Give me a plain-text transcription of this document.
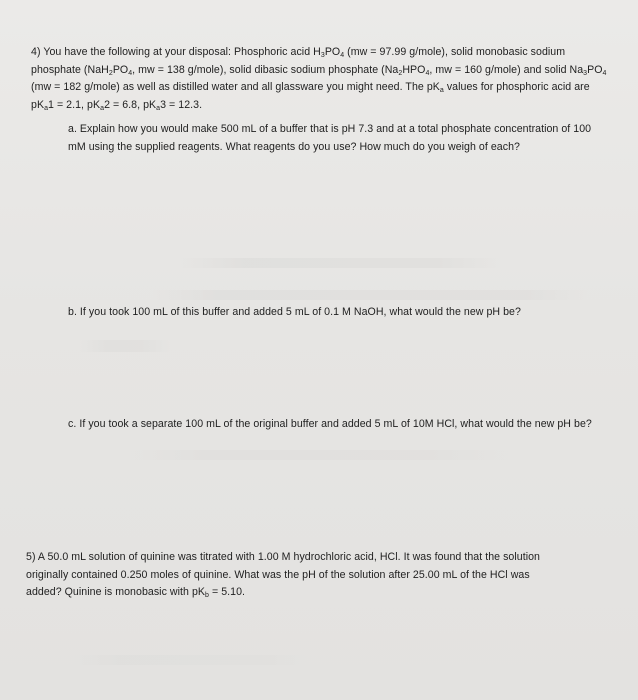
4) You have the following at your disposal: Phosphoric acid $H_3PO_4$ (mw = 97.99 g/mole), solid monobasic sodium
phosphate ($NaH_2PO_4$, mw = 138 g/mole), solid dibasic sodium phosphate ($Na_2HPO_4$, mw = 160 g/mole) and solid $Na_3PO_4$
(mw = 182 g/mole) as well as distilled water and all glassware you might need. The $pK_a$ values for phosphoric acid are
$pK_a1 = 2.1$, $pK_a2 = 6.8$, $pK_a3 = 12.3$.
a. Explain how you would make 500 mL of a buffer that is pH 7.3 and at a total phosphate concentration of 100
mM using the supplied reagents. What reagents do you use? How much do you weigh of each?
b. If you took 100 mL of this buffer and added 5 mL of 0.1 M NaOH, what would the new pH be?
c. If you took a separate 100 mL of the original buffer and added 5 mL of 10M HCl, what would the new pH be?
5) A 50.0 mL solution of quinine was titrated with 1.00 M hydrochloric acid, HCl. It was found that the solution
originally contained 0.250 moles of quinine. What was the pH of the solution after 25.00 mL of the HCl was
added? Quinine is monobasic with $pK_b = 5.10$.
